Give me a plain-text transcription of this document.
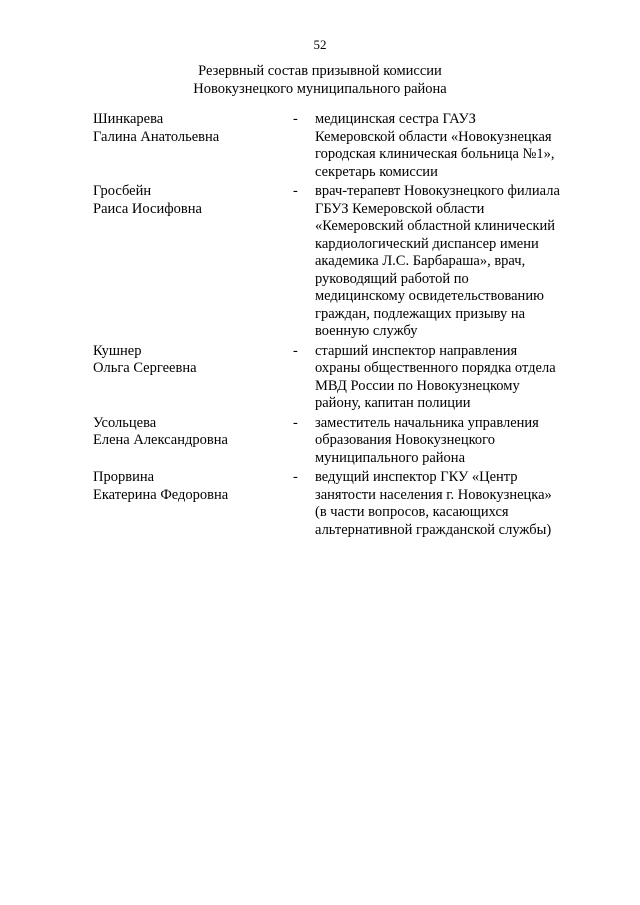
52
Резервный состав призывной комиссии
Новокузнецкого муниципального района
Шинкарева
Галина Анатольевна
- медицинская сестра ГАУЗ
Кемеровской области «Новокузнецкая
городская клиническая больница №1»,
секретарь комиссии
Гросбейн
Раиса Иосифовна
- врач-терапевт Новокузнецкого филиала
ГБУЗ Кемеровской области
«Кемеровский областной клинический
кардиологический диспансер имени
академика Л.С. Барбараша», врач,
руководящий работой по
медицинскому освидетельствованию
граждан, подлежащих призыву на
военную службу
Кушнер
Ольга Сергеевна
- старший инспектор направления
охраны общественного порядка отдела
МВД России по Новокузнецкому
району, капитан полиции
Усольцева
Елена Александровна
- заместитель начальника управления
образования Новокузнецкого
муниципального района
Прорвина
Екатерина Федоровна
- ведущий инспектор ГКУ «Центр
занятости населения г. Новокузнецка»
(в части вопросов, касающихся
альтернативной гражданской службы)
